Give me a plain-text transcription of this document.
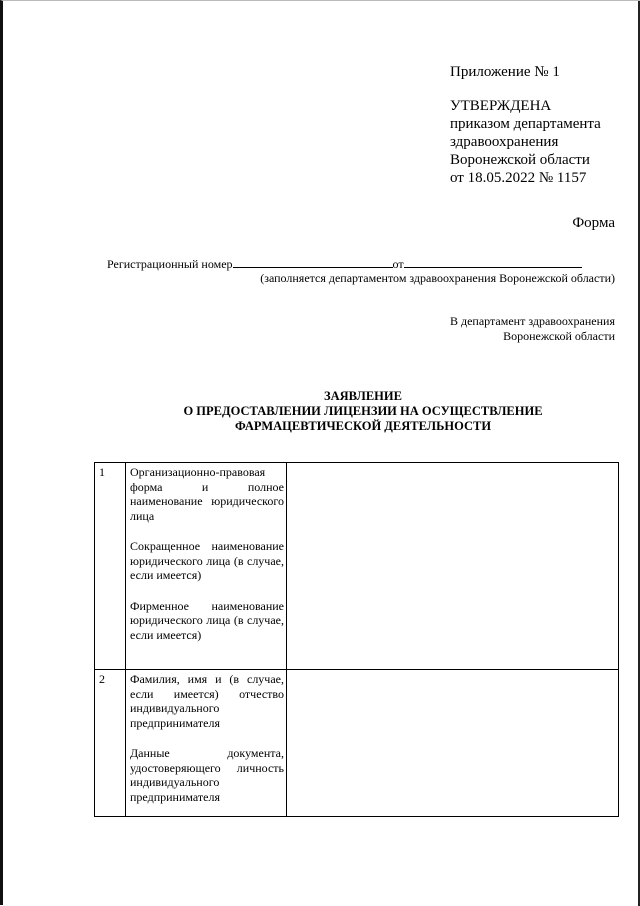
Приложение № 1
УТВЕРЖДЕНА
приказом департамента
здравоохранения
Воронежской области
от 18.05.2022 № 1157
Форма
Регистрационный номер	от
(заполняется департаментом здравоохранения Воронежской области)
В департамент здравоохранения
Воронежской области
ЗАЯВЛЕНИЕ
О ПРЕДОСТАВЛЕНИИ ЛИЦЕНЗИИ НА ОСУЩЕСТВЛЕНИЕ
ФАРМАЦЕВТИЧЕСКОЙ ДЕЯТЕЛЬНОСТИ
1	Организационно-правовая форма и полное наименование юридического лица

Сокращенное наименование юридического лица (в случае, если имеется)

Фирменное наименование юридического лица (в случае, если имеется)	

2	Фамилия, имя и (в случае, если имеется) отчество индивидуального предпринимателя

Данные документа, удостоверяющего личность индивидуального предпринимателя	
